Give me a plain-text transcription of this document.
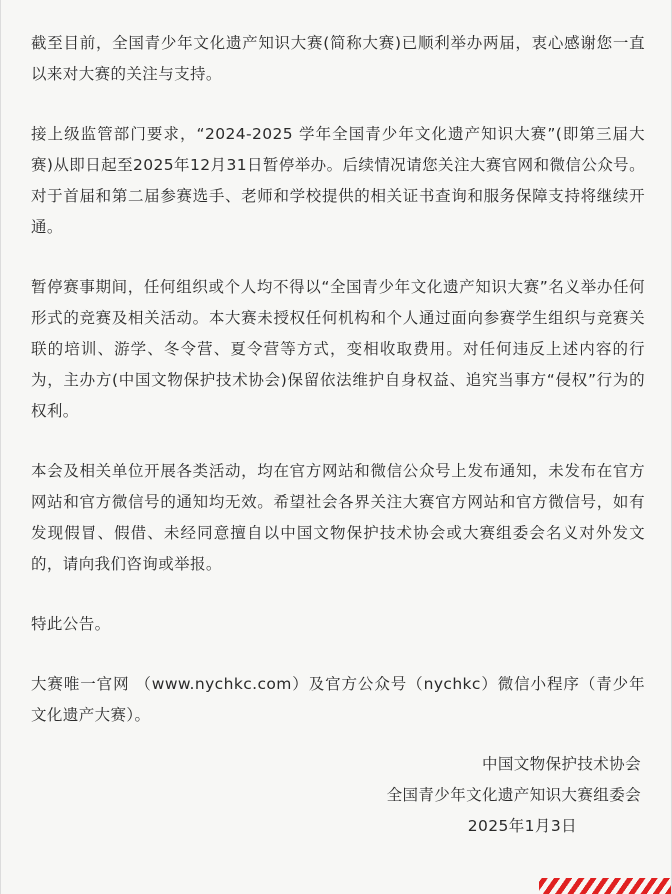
截至目前，全国青少年文化遗产知识大赛(简称大赛)已顺利举办两届，衷心感谢您一直以来对大赛的关注与支持。

接上级监管部门要求，“2024-2025 学年全国青少年文化遗产知识大赛”(即第三届大赛)从即日起至2025年12月31日暂停举办。后续情况请您关注大赛官网和微信公众号。对于首届和第二届参赛选手、老师和学校提供的相关证书查询和服务保障支持将继续开通。

暂停赛事期间，任何组织或个人均不得以“全国青少年文化遗产知识大赛”名义举办任何形式的竞赛及相关活动。本大赛未授权任何机构和个人通过面向参赛学生组织与竞赛关联的培训、游学、冬令营、夏令营等方式，变相收取费用。对任何违反上述内容的行为，主办方(中国文物保护技术协会)保留依法维护自身权益、追究当事方“侵权”行为的权利。

本会及相关单位开展各类活动，均在官方网站和微信公众号上发布通知，未发布在官方网站和官方微信号的通知均无效。希望社会各界关注大赛官方网站和官方微信号，如有发现假冒、假借、未经同意擅自以中国文物保护技术协会或大赛组委会名义对外发文的，请向我们咨询或举报。

特此公告。

大赛唯一官网 （www.nychkc.com）及官方公众号（nychkc）微信小程序（青少年文化遗产大赛）。

中国文物保护技术协会
全国青少年文化遗产知识大赛组委会
2025年1月3日
